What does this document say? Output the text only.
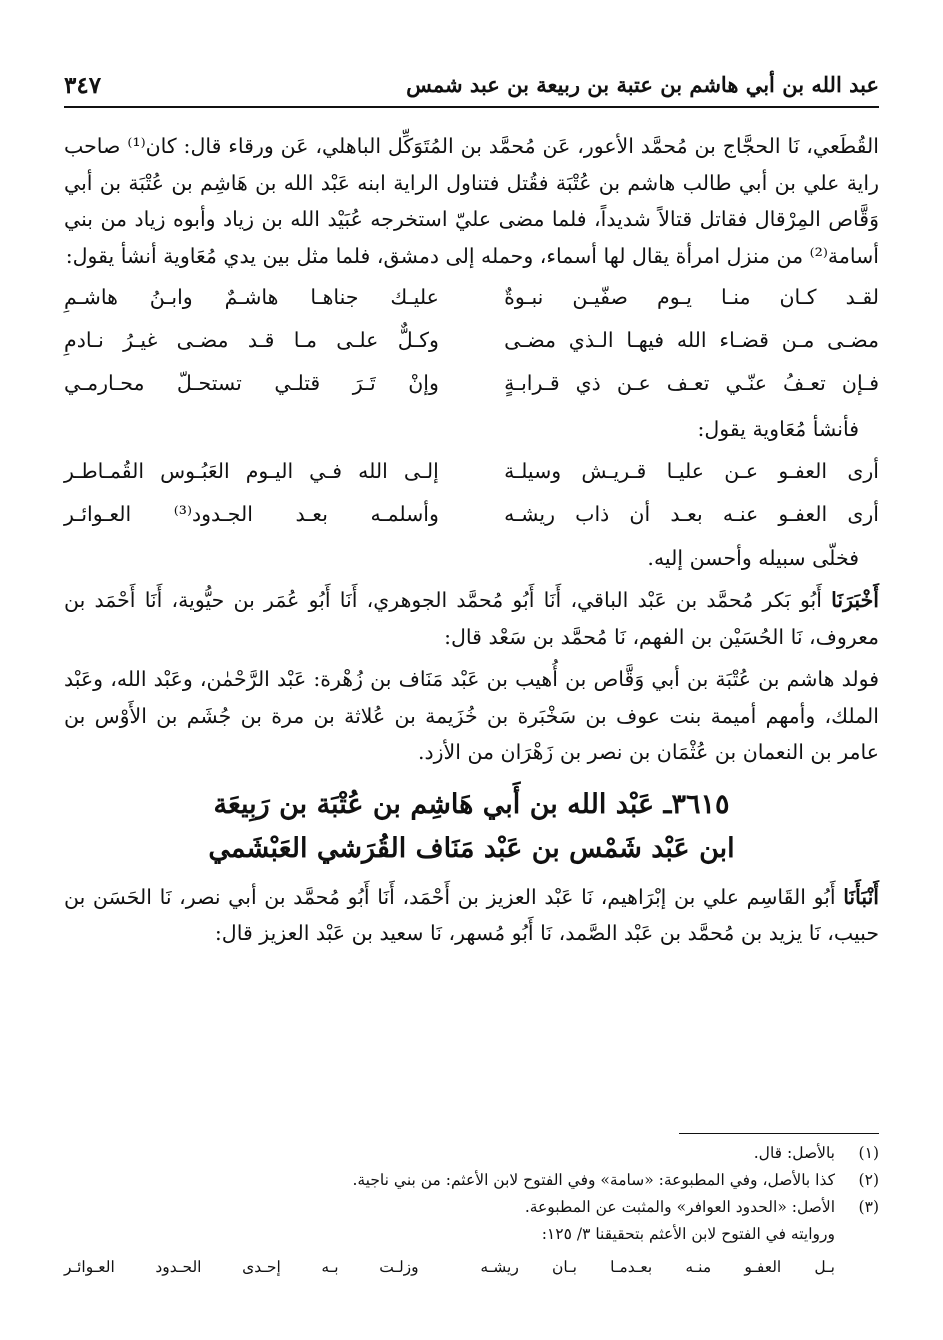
عبد الله بن أبي هاشم بن عتبة بن ربيعة بن عبد شمس
٣٤٧

القُطَعي، نَا الحجَّاج بن مُحمَّد الأعور، عَن مُحمَّد بن المُتَوَكِّل الباهلي، عَن ورقاء قال: كان⁽¹⁾ صاحب راية علي بن أبي طالب هاشم بن عُتْبَة فقُتل فتناول الراية ابنه عَبْد الله بن هَاشِم بن عُتْبَة بن أبي وَقَّاص المِرْقال فقاتل قتالاً شديداً، فلما مضى عليّ استخرجه عُبَيْد الله بن زياد وأبوه زياد من بني أسامة⁽²⁾ من منزل امرأة يقال لها أسماء، وحمله إلى دمشق، فلما مثل بين يدي مُعَاوية أنشأ يقول:

لقـد كـان منـا يـوم صفّيـن نبـوةٌ
عليـك جناهـا هاشـمٌ وابـنُ هاشـمِ
مضـى مـن قضـاء الله فيهـا الـذي مضـى
وكـلٌّ علـى مـا قـد مضـى غيـرُ نـادمِ
فـإن تعـفُ عنّـي تعـف عـن ذي قـرابـةٍ
وإنْ تَـرَ قتلـي تستحـلّ محـارمـي

فأنشأ مُعَاوية يقول:

أرى العفـو عـن عليـا قـريـش وسيلـة
إلـى الله فـي اليـوم العَبُـوس القُمـاطـر
أرى العفـو عنـه بعـد أن ذاب ريشـه
وأسلمـه بعـد الجـدود⁽³⁾ العـوائـر

فخلّى سبيله وأحسن إليه.

أَخْبَرَنَا أَبُو بَكر مُحمَّد بن عَبْد الباقي، أَنَا أَبُو مُحمَّد الجوهري، أَنَا أَبُو عُمَر بن حيُّوية، أَنَا أَحْمَد بن معروف، نَا الحُسَيْن بن الفهم، نَا مُحمَّد بن سَعْد قال:

فولد هاشم بن عُتْبَة بن أبي وَقَّاص بن أُهيب بن عَبْد مَنَاف بن زُهْرة: عَبْد الرَّحْمٰن، وعَبْد الله، وعَبْد الملك، وأمهم أميمة بنت عوف بن سَخْبَرة بن خُزَيمة بن عُلاثة بن مرة بن جُشَم بن الأَوْس بن عامر بن النعمان بن عُثْمَان بن نصر بن زَهْرَان من الأزد.

٣٦١٥ـ عَبْد الله بن أَبي هَاشِم بن عُتْبَة بن رَبِيعَة
ابن عَبْد شَمْس بن عَبْد مَنَاف القُرَشي العَبْشَمي

أَنْبَأَنَا أَبُو القَاسِم علي بن إبْرَاهيم، نَا عَبْد العزيز بن أَحْمَد، أَنَا أَبُو مُحمَّد بن أبي نصر، نَا الحَسَن بن حبيب، نَا يزيد بن مُحمَّد بن عَبْد الصَّمد، نَا أَبُو مُسهر، نَا سعيد بن عَبْد العزيز قال:

(١)
بالأصل: قال.
(٢)
كذا بالأصل، وفي المطبوعة: «سامة» وفي الفتوح لابن الأعثم: من بني ناجية.
(٣)
الأصل: «الحدود العوافر» والمثبت عن المطبوعة.
وروايته في الفتوح لابن الأعثم بتحقيقنا ٣/ ١٢٥:
بـل العفـو منـه بعـدمـا بـان ريشـه
وزلـت بـه إحـدى الحـدود العـوائـر
